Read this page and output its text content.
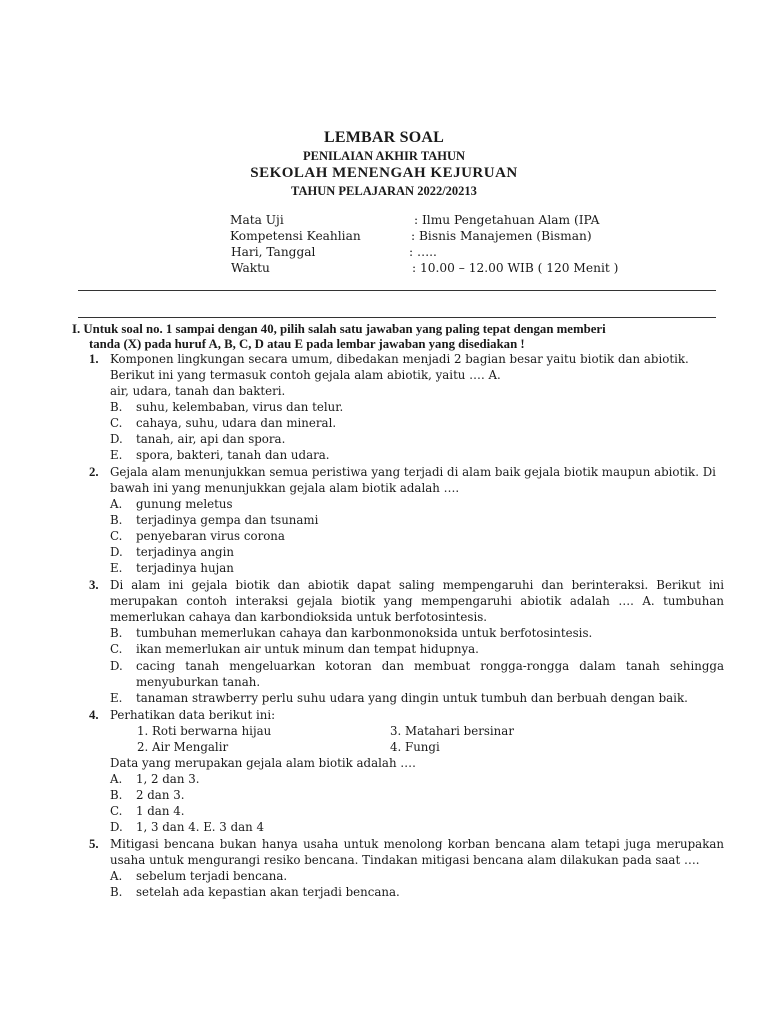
LEMBAR SOAL
PENILAIAN AKHIR TAHUN
SEKOLAH MENENGAH KEJURUAN
TAHUN PELAJARAN 2022/20213
Mata Uji	: Ilmu Pengetahuan Alam (IPA
Kompetensi Keahlian	: Bisnis Manajemen (Bisman)
Hari, Tanggal	: …..
Waktu	: 10.00 – 12.00 WIB ( 120 Menit )
I. Untuk soal no. 1 sampai dengan 40, pilih salah satu jawaban yang paling tepat dengan memberi
tanda (X) pada huruf A, B, C, D atau E pada lembar jawaban yang disediakan !
1. Komponen lingkungan secara umum, dibedakan menjadi 2 bagian besar yaitu biotik dan abiotik.
Berikut ini yang termasuk contoh gejala alam abiotik, yaitu …. A.
air, udara, tanah dan bakteri.
B. suhu, kelembaban, virus dan telur.
C. cahaya, suhu, udara dan mineral.
D. tanah, air, api dan spora.
E. spora, bakteri, tanah dan udara.
2. Gejala alam menunjukkan semua peristiwa yang terjadi di alam baik gejala biotik maupun abiotik. Di
bawah ini yang menunjukkan gejala alam biotik adalah ….
A. gunung meletus
B. terjadinya gempa dan tsunami
C. penyebaran virus corona
D. terjadinya angin
E. terjadinya hujan
3. Di alam ini gejala biotik dan abiotik dapat saling mempengaruhi dan berinteraksi. Berikut ini
merupakan contoh interaksi gejala biotik yang mempengaruhi abiotik adalah …. A. tumbuhan
memerlukan cahaya dan karbondioksida untuk berfotosintesis.
B. tumbuhan memerlukan cahaya dan karbonmonoksida untuk berfotosintesis.
C. ikan memerlukan air untuk minum dan tempat hidupnya.
D. cacing tanah mengeluarkan kotoran dan membuat rongga-rongga dalam tanah sehingga
menyuburkan tanah.
E. tanaman strawberry perlu suhu udara yang dingin untuk tumbuh dan berbuah dengan baik.
4. Perhatikan data berikut ini:
1. Roti berwarna hijau	3. Matahari bersinar
2. Air Mengalir	4. Fungi
Data yang merupakan gejala alam biotik adalah ….
A. 1, 2 dan 3.
B. 2 dan 3.
C. 1 dan 4.
D. 1, 3 dan 4. E. 3 dan 4
5. Mitigasi bencana bukan hanya usaha untuk menolong korban bencana alam tetapi juga merupakan
usaha untuk mengurangi resiko bencana. Tindakan mitigasi bencana alam dilakukan pada saat ….
A. sebelum terjadi bencana.
B. setelah ada kepastian akan terjadi bencana.
